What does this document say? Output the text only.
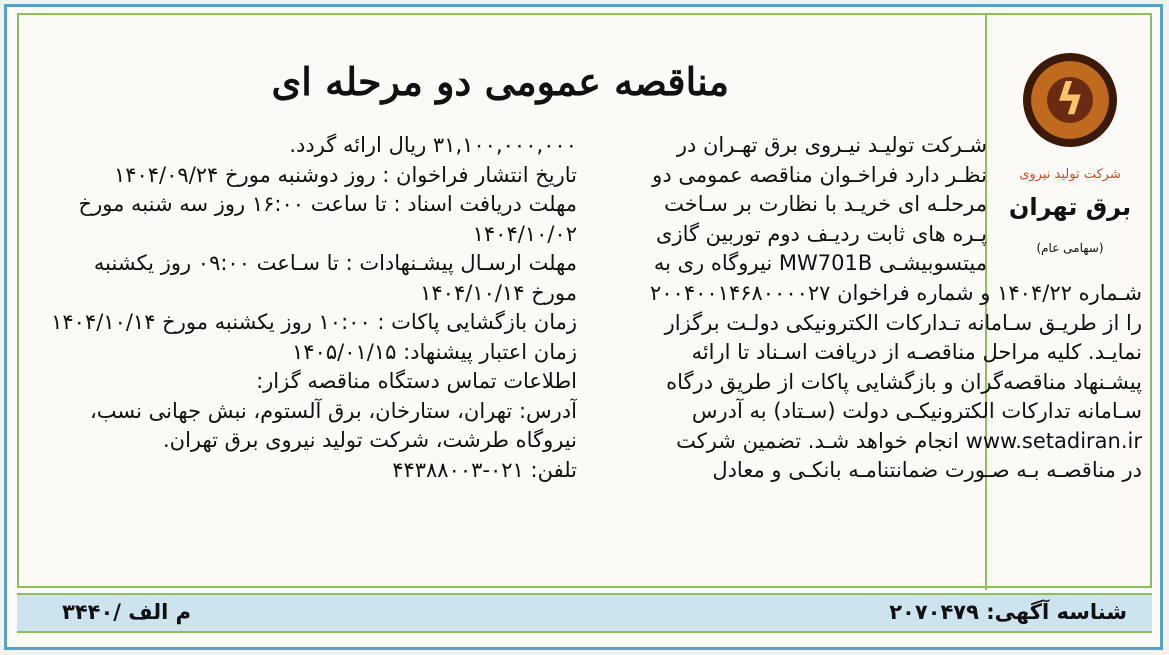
ϟ
شرکت تولید نیروی
برق تهران
(سهامی عام)
مناقصه عمومی دو مرحله ای
شـرکت تولیـد نیـروی برق تهـران در
نظـر دارد فراخـوان مناقصه عمومی دو
مرحلـه ای خریـد با نظارت بر سـاخت
پـره های ثابت ردیـف دوم توربین گازی
میتسوبیشـی MW701B نیروگاه ری به
شـماره ۱۴۰۴/۲۲ و شماره فراخوان ۲۰۰۴۰۰۱۴۶۸۰۰۰۰۲۷
را از طریـق سـامانه تـدارکات الکترونیکی دولـت برگزار
نمایـد. کلیه مراحل مناقصـه از دریافت اسـناد تا ارائه
پیشـنهاد مناقصه‌گران و بازگشایی پاکات از طریق درگاه
سـامانه تدارکات الکترونیکـی دولت (سـتاد) به آدرس
www.setadiran.ir انجام خواهد شـد. تضمین شرکت
در مناقصـه بـه صـورت ضمانتنامـه بانکـی و معادل
۳۱,۱۰۰,۰۰۰,۰۰۰ ریال ارائه گردد.
تاریخ انتشار فراخوان : روز دوشنبه مورخ ۱۴۰۴/۰۹/۲۴
مهلت دریافت اسناد : تا ساعت ۱۶:۰۰ روز سه شنبه مورخ
۱۴۰۴/۱۰/۰۲
مهلت ارسـال پیشـنهادات : تا سـاعت ۰۹:۰۰ روز یکشنبه
مورخ ۱۴۰۴/۱۰/۱۴
زمان بازگشایی پاکات : ۱۰:۰۰ روز یکشنبه مورخ ۱۴۰۴/۱۰/۱۴
زمان اعتبار پیشنهاد: ۱۴۰۵/۰۱/۱۵
اطلاعات تماس دستگاه مناقصه گزار:
آدرس: تهران، ستارخان، برق آلستوم، نبش جهانی نسب،
نیروگاه طرشت، شرکت تولید نیروی برق تهران.
تلفن: ۰۲۱-۴۴۳۸۸۰۰۳
شناسه آگهی: ۲۰۷۰۴۷۹
م الف /۳۴۴۰
